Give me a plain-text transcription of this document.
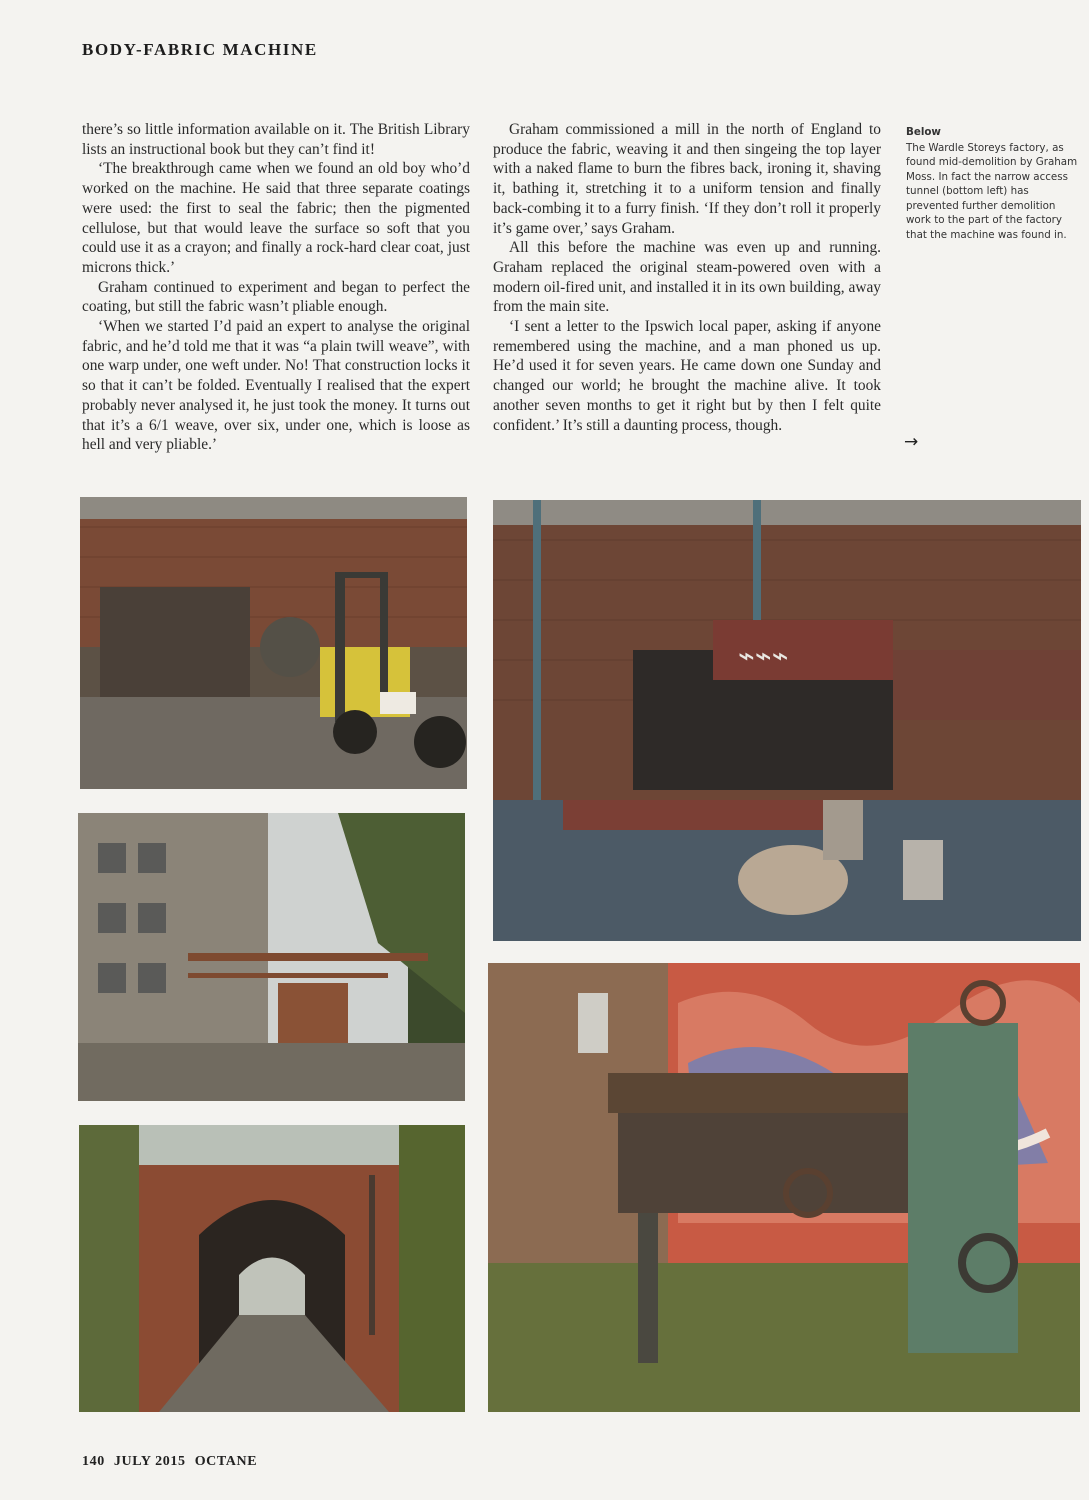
BODY-FABRIC MACHINE

there’s so little information available on it. The British Library lists an instructional book but they can’t find it!

‘The breakthrough came when we found an old boy who’d worked on the machine. He said that three separate coatings were used: the first to seal the fabric; then the pigmented cellulose, but that would leave the surface so soft that you could use it as a crayon; and finally a rock-hard clear coat, just microns thick.’

Graham continued to experiment and began to perfect the coating, but still the fabric wasn’t pliable enough.

‘When we started I’d paid an expert to analyse the original fabric, and he’d told me that it was “a plain twill weave”, with one warp under, one weft under. No! That construction locks it so that it can’t be folded. Eventually I realised that the expert probably never analysed it, he just took the money. It turns out that it’s a 6/1 weave, over six, under one, which is loose as hell and very pliable.’

Graham commissioned a mill in the north of England to produce the fabric, weaving it and then singeing the top layer with a naked flame to burn the fibres back, ironing it, shaving it, bathing it, stretching it to a uniform tension and finally back-combing it to a furry finish. ‘If they don’t roll it properly it’s game over,’ says Graham.

All this before the machine was even up and running. Graham replaced the original steam-powered oven with a modern oil-fired unit, and installed it in its own building, away from the main site.

‘I sent a letter to the Ipswich local paper, asking if anyone remembered using the machine, and a man phoned us up. He’d used it for seven years. He came down one Sunday and changed our world; he brought the machine alive. It took another seven months to get it right but by then I felt quite confident.’ It’s still a daunting process, though.

Below
The Wardle Storeys factory, as found mid-demolition by Graham Moss. In fact the narrow access tunnel (bottom left) has prevented further demolition work to the part of the factory that the machine was found in.
→
⌁⌁⌁
140 JULY 2015 OCTANE
